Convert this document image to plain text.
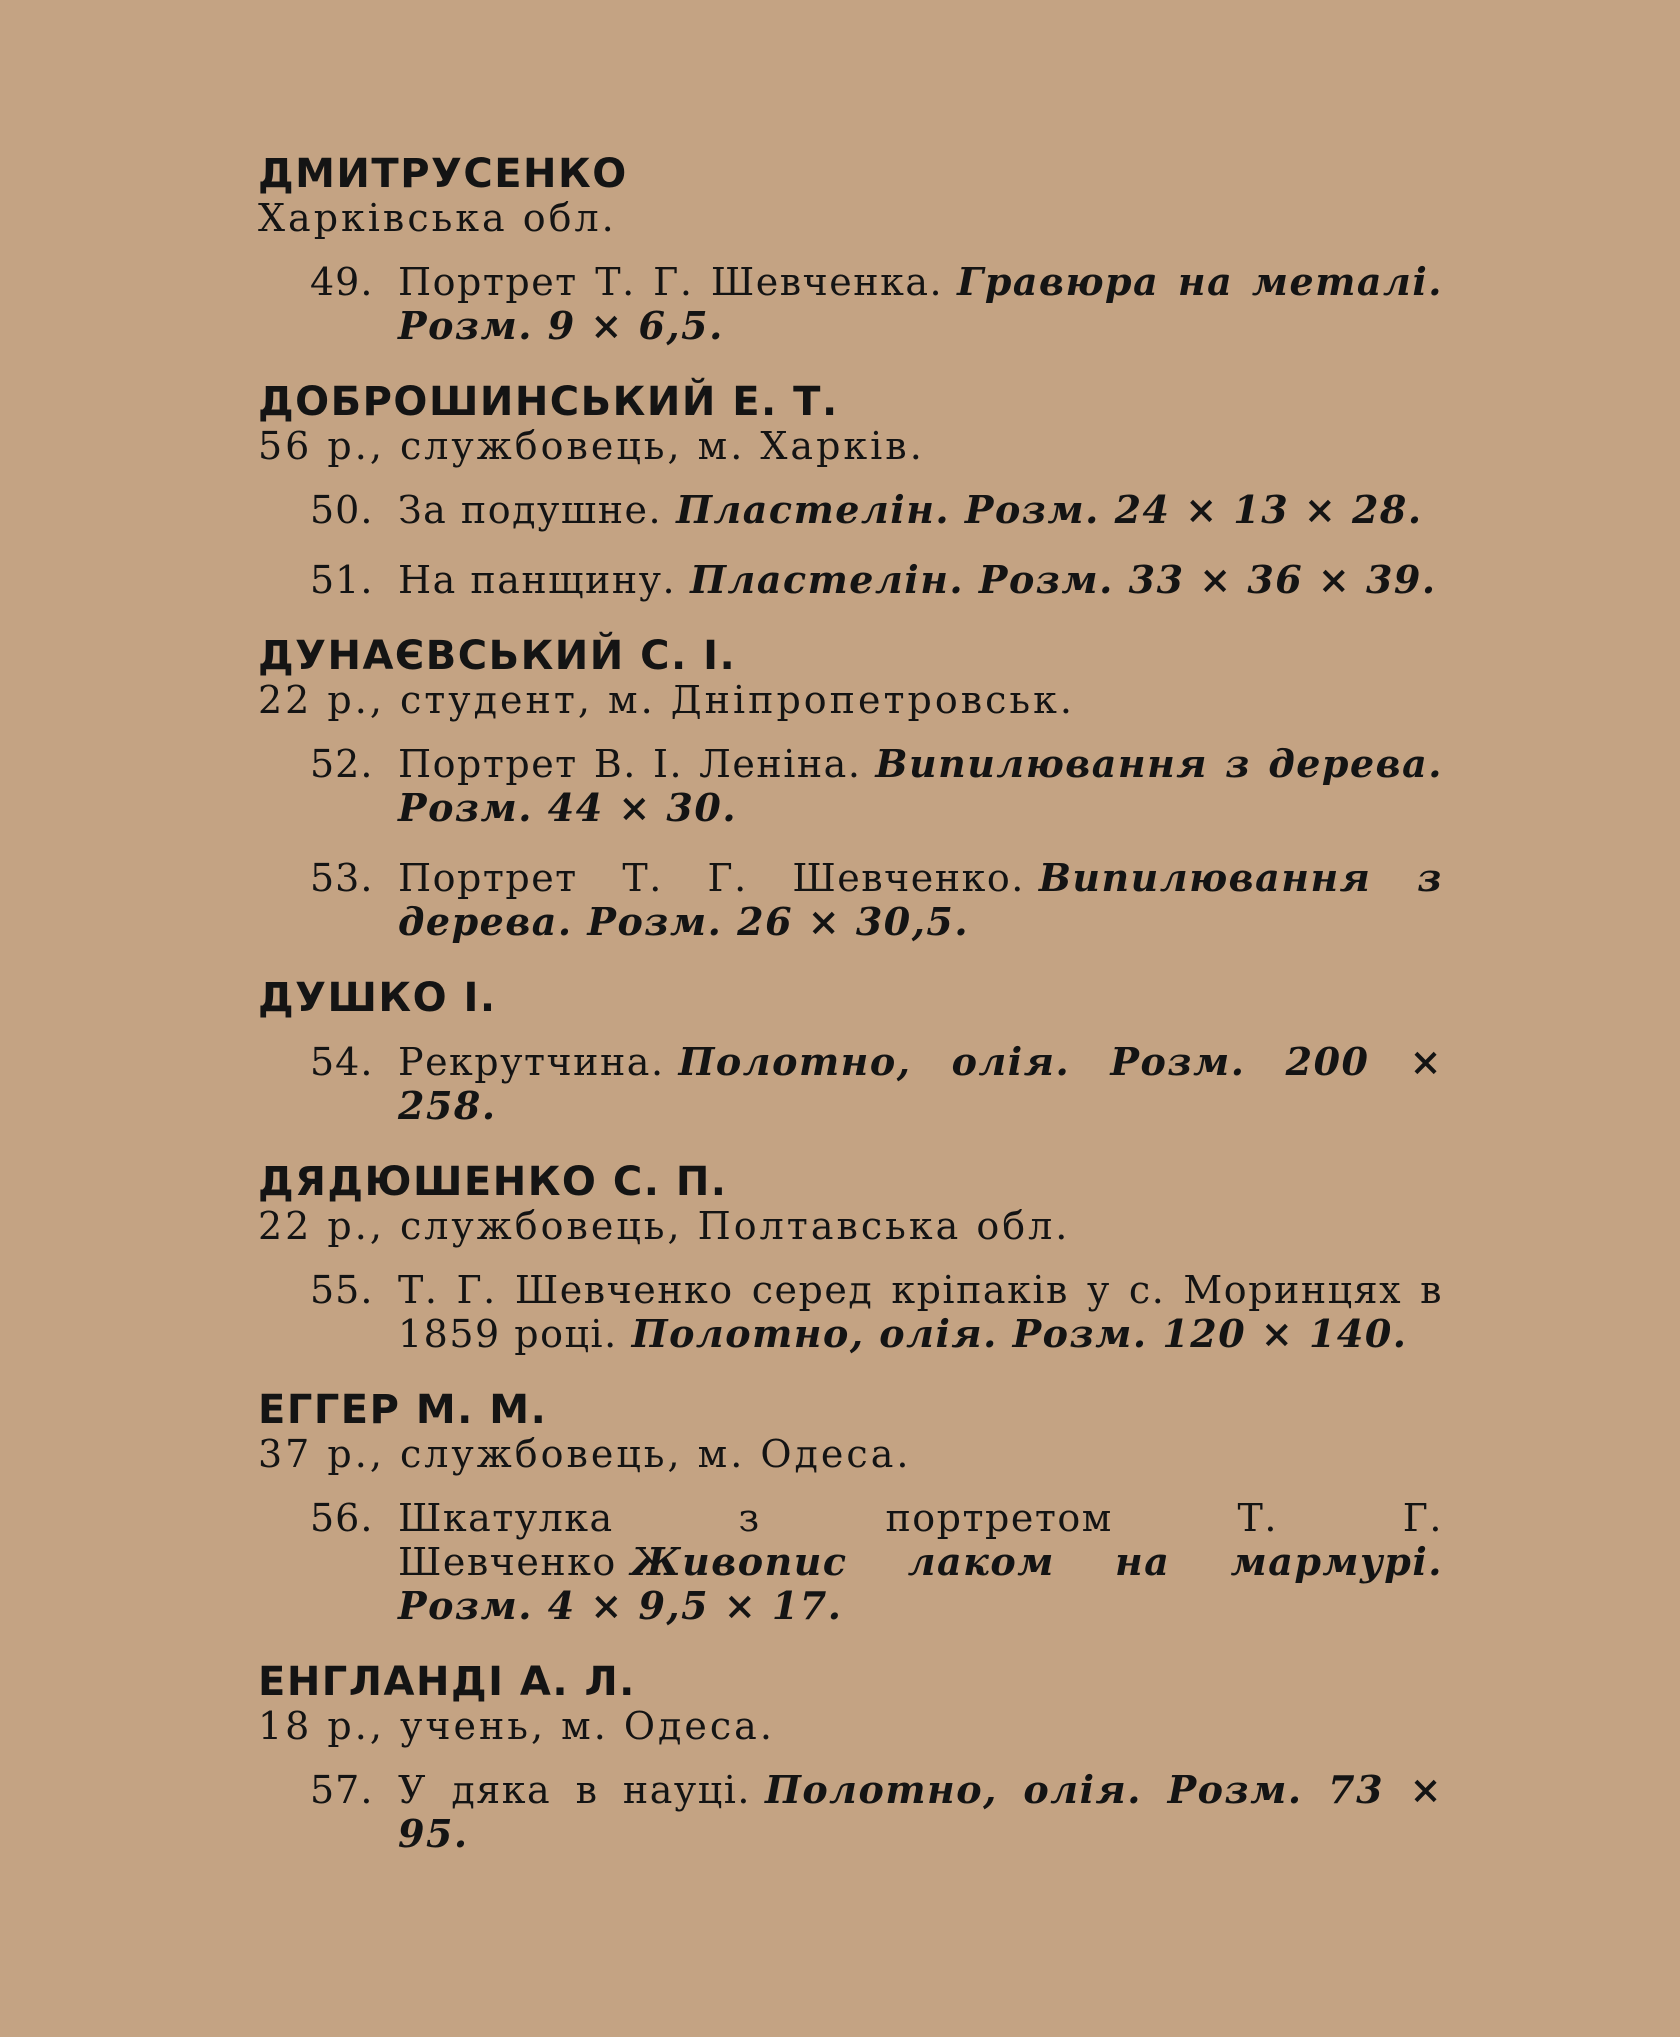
ДМИТРУСЕНКО
Харківська обл.
49. Портрет Т. Г. Шевченка. Гравюра на металі. Розм. 9 × 6,5.
ДОБРОШИНСЬКИЙ Е. Т.
56 р., службовець, м. Харків.
50. За подушне. Пластелін. Розм. 24 × 13 × 28.
51. На панщину. Пластелін. Розм. 33 × 36 × 39.
ДУНАЄВСЬКИЙ С. І.
22 р., студент, м. Дніпропетровськ.
52. Портрет В. І. Леніна. Випилювання з дерева. Розм. 44 × 30.
53. Портрет Т. Г. Шевченко. Випилювання з дерева. Розм. 26 × 30,5.
ДУШКО І.
54. Рекрутчина. Полотно, олія. Розм. 200 × 258.
ДЯДЮШЕНКО С. П.
22 р., службовець, Полтавська обл.
55. Т. Г. Шевченко серед кріпаків у с. Моринцях в 1859 році. Полотно, олія. Розм. 120 × 140.
ЕГГЕР М. М.
37 р., службовець, м. Одеса.
56. Шкатулка з портретом Т. Г. Шевченко Живопис лаком на мармурі. Розм. 4 × 9,5 × 17.
ЕНГЛАНДІ А. Л.
18 р., учень, м. Одеса.
57. У дяка в науці. Полотно, олія. Розм. 73 × 95.
